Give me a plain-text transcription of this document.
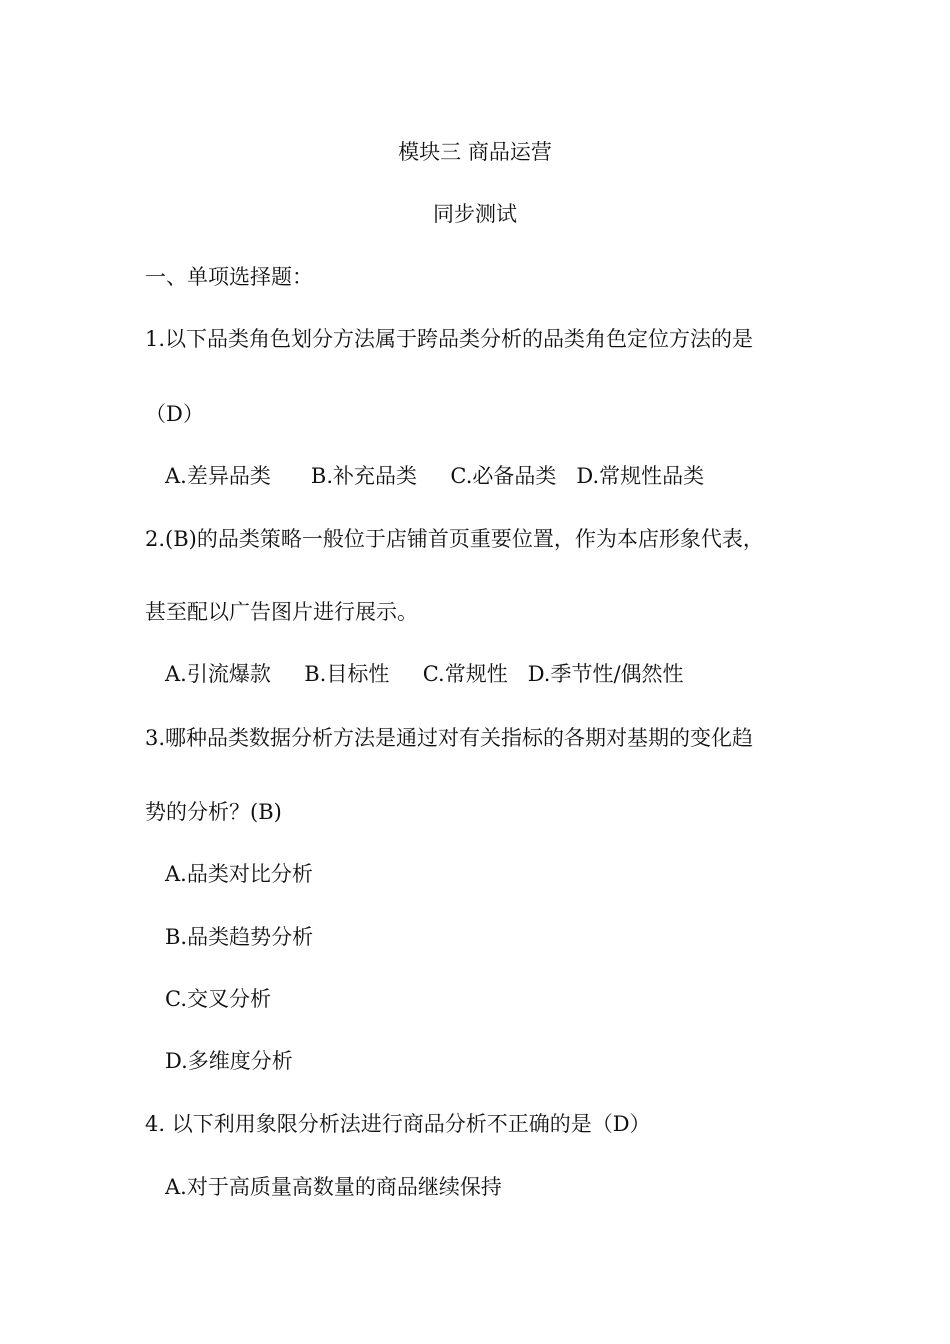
模块三 商品运营
同步测试
一、单项选择题：
1.以下品类角色划分方法属于跨品类分析的品类角色定位方法的是
（D）
A.差异品类      B.补充品类     C.必备品类   D.常规性品类
2.(B)的品类策略一般位于店铺首页重要位置，作为本店形象代表，
甚至配以广告图片进行展示。
A.引流爆款     B.目标性     C.常规性   D.季节性/偶然性
3.哪种品类数据分析方法是通过对有关指标的各期对基期的变化趋
势的分析？(B)
A.品类对比分析
B.品类趋势分析
C.交叉分析
D.多维度分析
4. 以下利用象限分析法进行商品分析不正确的是（D）
A.对于高质量高数量的商品继续保持
